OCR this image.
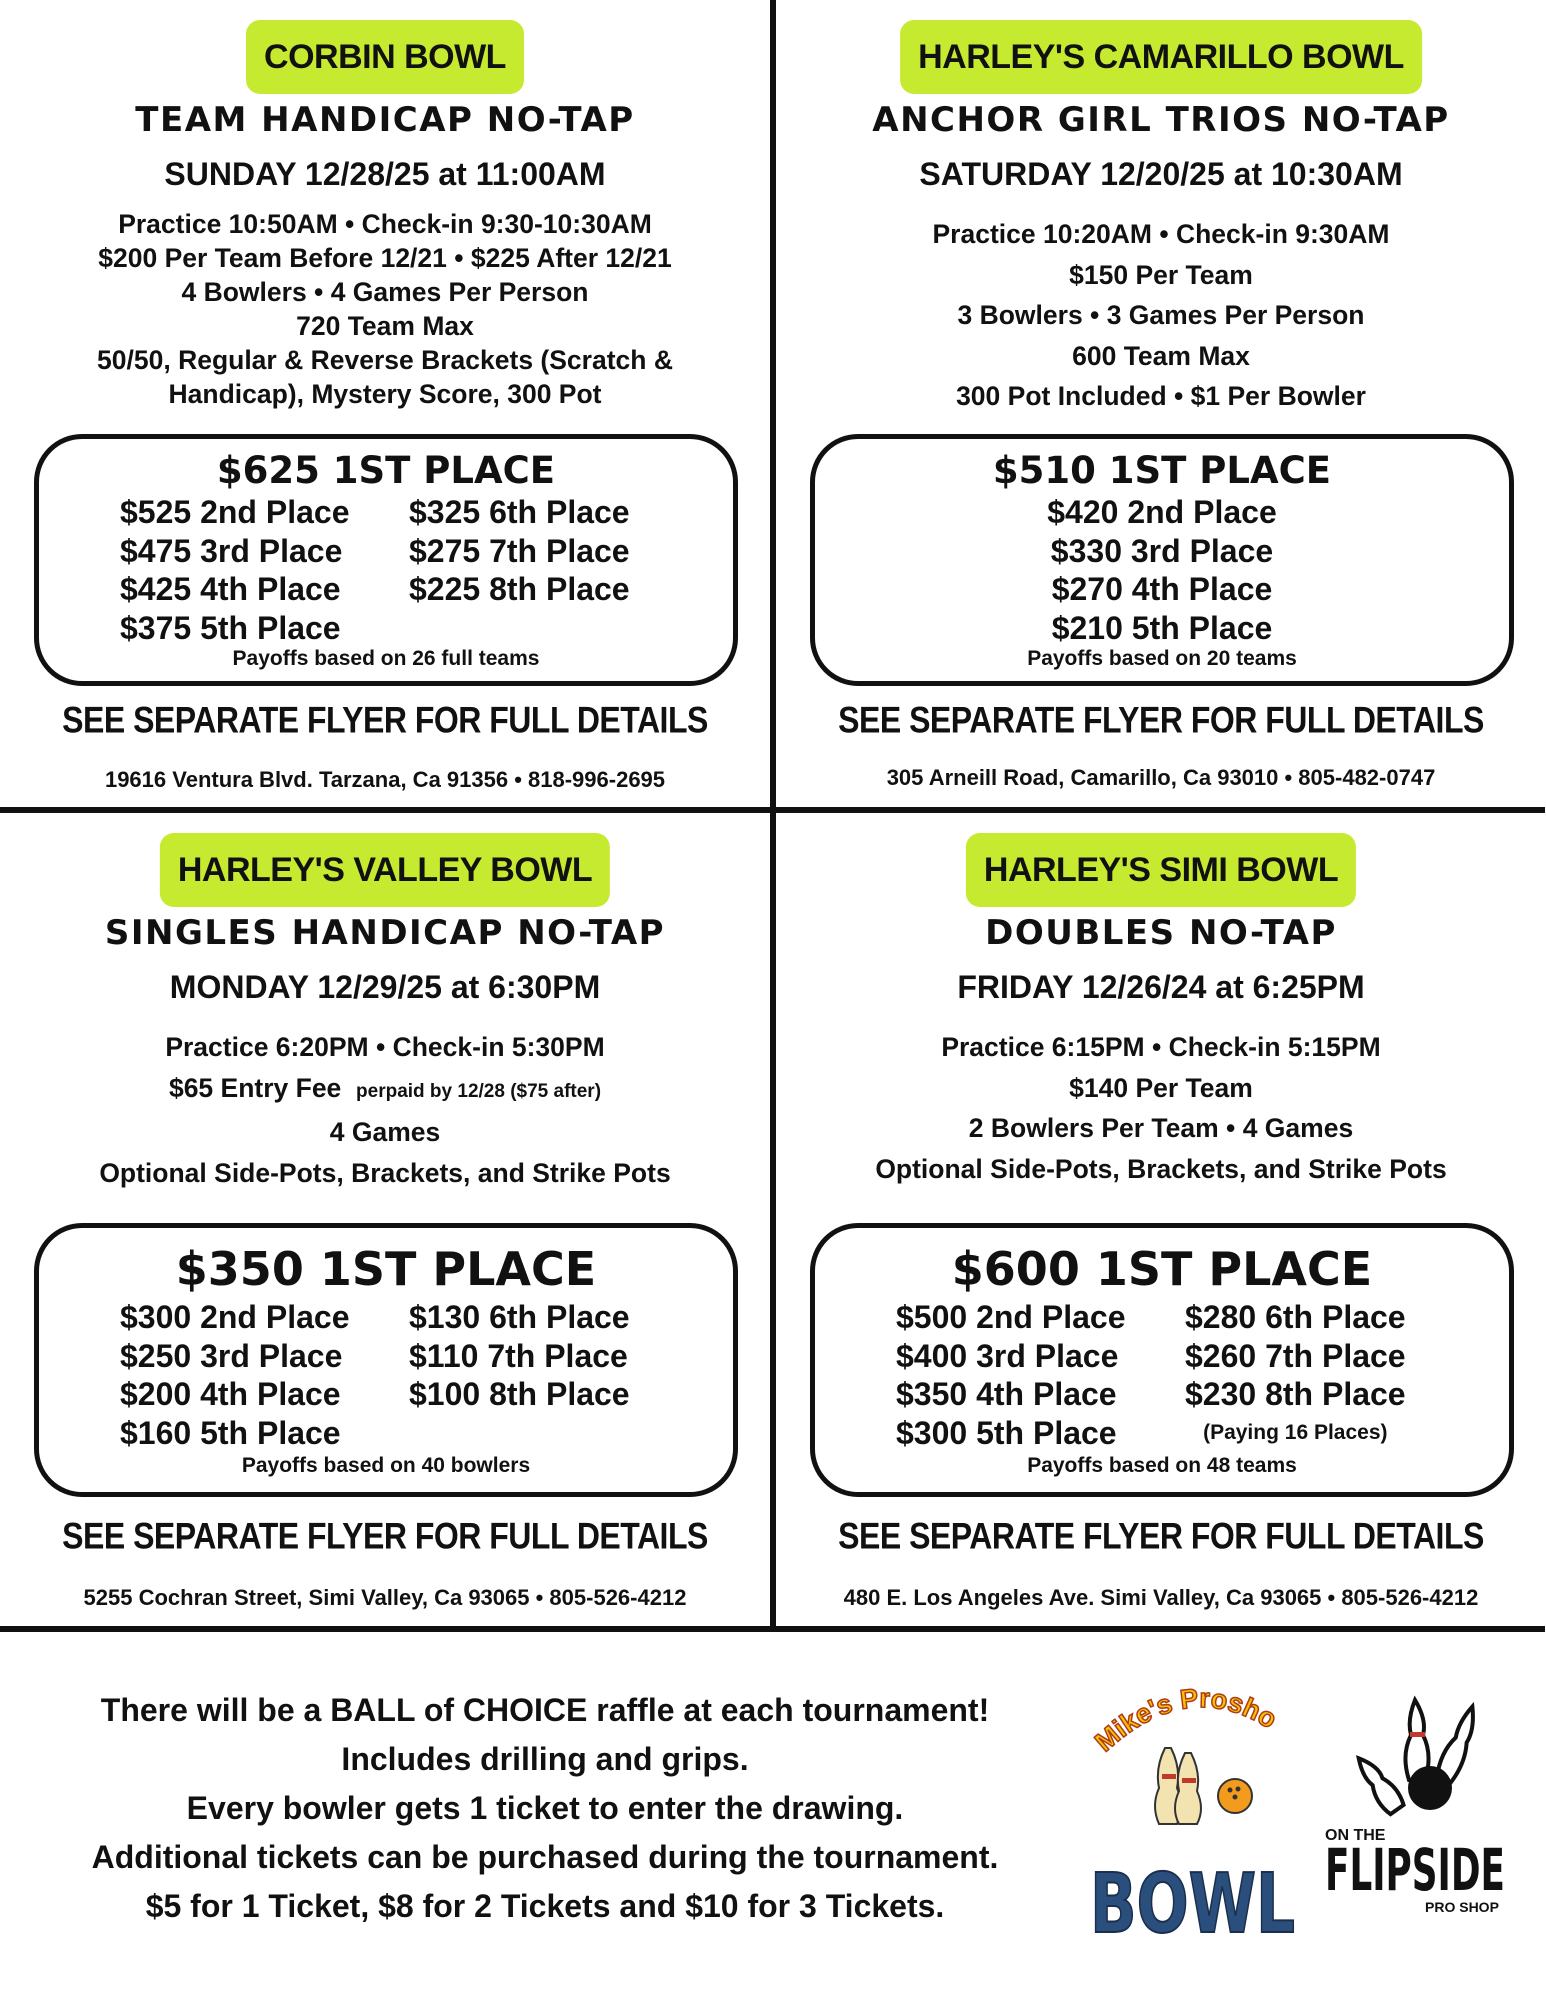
CORBIN BOWL
TEAM HANDICAP NO-TAP
SUNDAY 12/28/25 at 11:00AM
Practice 10:50AM • Check-in 9:30-10:30AM
$200 Per Team Before 12/21 • $225 After 12/21
4 Bowlers • 4 Games Per Person
720 Team Max
50/50, Regular & Reverse Brackets (Scratch &
Handicap), Mystery Score, 300 Pot
$625 1ST PLACE
$525 2nd Place
$475 3rd Place
$425 4th Place
$375 5th Place
$325 6th Place
$275 7th Place
$225 8th Place
Payoffs based on 26 full teams
SEE SEPARATE FLYER FOR FULL DETAILS
19616 Ventura Blvd. Tarzana, Ca 91356 • 818-996-2695
HARLEY'S CAMARILLO BOWL
ANCHOR GIRL TRIOS NO-TAP
SATURDAY 12/20/25 at 10:30AM
Practice 10:20AM • Check-in 9:30AM
$150 Per Team
3 Bowlers • 3 Games Per Person
600 Team Max
300 Pot Included • $1 Per Bowler
$510 1ST PLACE
$420 2nd Place
$330 3rd Place
$270 4th Place
$210 5th Place
Payoffs based on 20 teams
SEE SEPARATE FLYER FOR FULL DETAILS
305 Arneill Road, Camarillo, Ca 93010 • 805-482-0747
HARLEY'S VALLEY BOWL
SINGLES HANDICAP NO-TAP
MONDAY 12/29/25 at 6:30PM
Practice 6:20PM • Check-in 5:30PM
$65 Entry Fee perpaid by 12/28 ($75 after)
4 Games
Optional Side-Pots, Brackets, and Strike Pots
$350 1ST PLACE
$300 2nd Place
$250 3rd Place
$200 4th Place
$160 5th Place
$130 6th Place
$110 7th Place
$100 8th Place
Payoffs based on 40 bowlers
SEE SEPARATE FLYER FOR FULL DETAILS
5255 Cochran Street, Simi Valley, Ca 93065 • 805-526-4212
HARLEY'S SIMI BOWL
DOUBLES NO-TAP
FRIDAY 12/26/24 at 6:25PM
Practice 6:15PM • Check-in 5:15PM
$140 Per Team
2 Bowlers Per Team • 4 Games
Optional Side-Pots, Brackets, and Strike Pots
$600 1ST PLACE
$500 2nd Place
$400 3rd Place
$350 4th Place
$300 5th Place
$280 6th Place
$260 7th Place
$230 8th Place
(Paying 16 Places)
Payoffs based on 48 teams
SEE SEPARATE FLYER FOR FULL DETAILS
480 E. Los Angeles Ave. Simi Valley, Ca 93065 • 805-526-4212
There will be a BALL of CHOICE raffle at each tournament!
Includes drilling and grips.
Every bowler gets 1 ticket to enter the drawing.
Additional tickets can be purchased during the tournament.
$5 for 1 Ticket, $8 for 2 Tickets and $10 for 3 Tickets.
Mike's Prosho
BOWL
ON THE
FLIPSIDE
PRO SHOP
